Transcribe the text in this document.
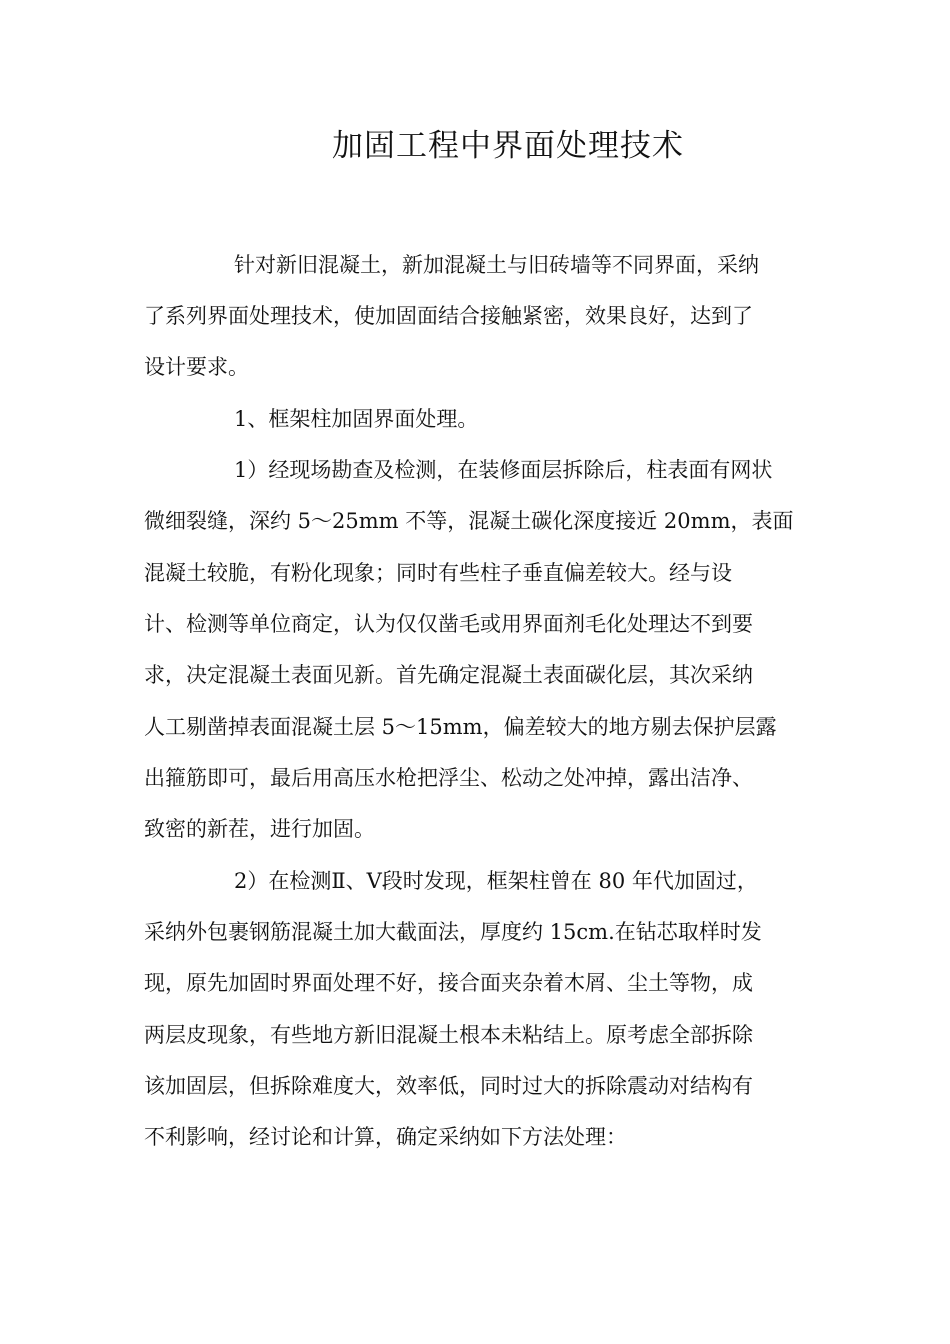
加固工程中界面处理技术

针对新旧混凝土，新加混凝土与旧砖墙等不同界面，采纳

了系列界面处理技术，使加固面结合接触紧密，效果良好，达到了

设计要求。

1、框架柱加固界面处理。

1）经现场勘查及检测，在装修面层拆除后，柱表面有网状

微细裂缝，深约 5～25mm 不等，混凝土碳化深度接近 20mm，表面

混凝土较脆，有粉化现象；同时有些柱子垂直偏差较大。经与设

计、检测等单位商定，认为仅仅凿毛或用界面剂毛化处理达不到要

求，决定混凝土表面见新。首先确定混凝土表面碳化层，其次采纳

人工剔凿掉表面混凝土层 5～15mm，偏差较大的地方剔去保护层露

出箍筋即可，最后用高压水枪把浮尘、松动之处冲掉，露出洁净、

致密的新茬，进行加固。

2）在检测Ⅱ、Ⅴ段时发现，框架柱曾在 80 年代加固过，

采纳外包裹钢筋混凝土加大截面法，厚度约 15cm.在钻芯取样时发

现，原先加固时界面处理不好，接合面夹杂着木屑、尘土等物，成

两层皮现象，有些地方新旧混凝土根本未粘结上。原考虑全部拆除

该加固层，但拆除难度大，效率低，同时过大的拆除震动对结构有

不利影响，经讨论和计算，确定采纳如下方法处理：
